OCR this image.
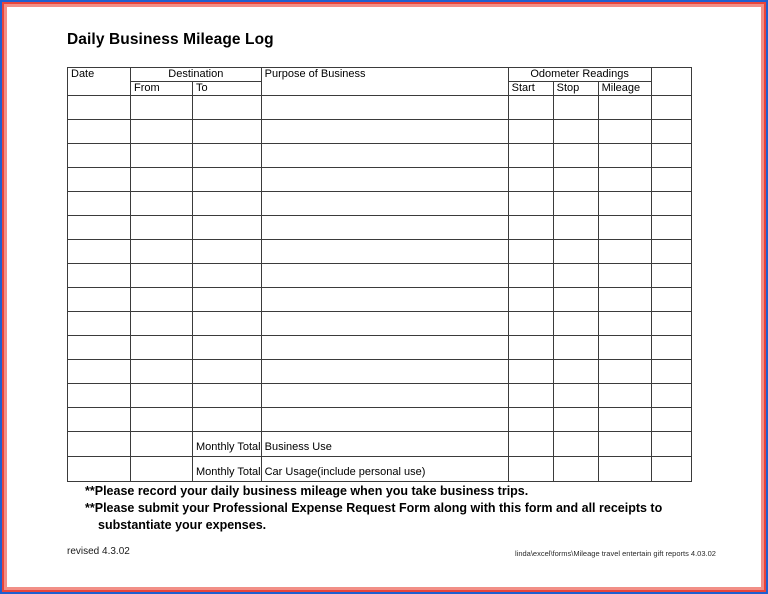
Daily Business Mileage Log
Date	Destination		Purpose of Business	Odometer Readings			
	From	To		Start	Stop	Mileage	

		Monthly Total	Business Use				
		Monthly Total	Car Usage(include personal use)				
**Please record your daily business mileage when you take business trips.
**Please submit your Professional Expense Request Form along with this form and all receipts to
substantiate your expenses.
revised 4.3.02	linda\excel\forms\Mileage travel entertain gift reports 4.03.02
